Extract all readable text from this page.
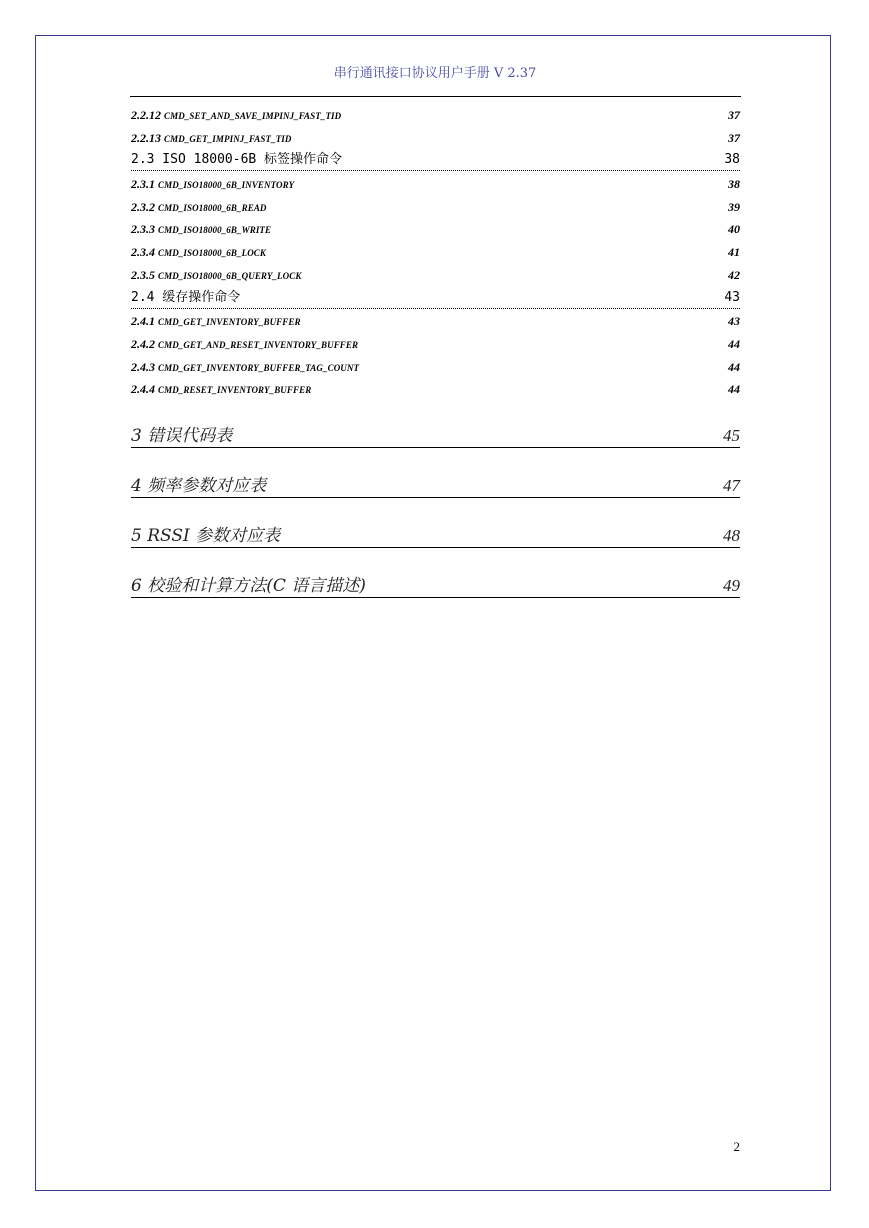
串行通讯接口协议用户手册 V 2.37
2.2.12 CMD_SET_AND_SAVE_IMPINJ_FAST_TID	37
2.2.13 CMD_GET_IMPINJ_FAST_TID	37
2.3 ISO 18000-6B 标签操作命令	38
2.3.1 CMD_ISO18000_6B_INVENTORY	38
2.3.2 CMD_ISO18000_6B_READ	39
2.3.3 CMD_ISO18000_6B_WRITE	40
2.3.4 CMD_ISO18000_6B_LOCK	41
2.3.5 CMD_ISO18000_6B_QUERY_LOCK	42
2.4 缓存操作命令	43
2.4.1 CMD_GET_INVENTORY_BUFFER	43
2.4.2 CMD_GET_AND_RESET_INVENTORY_BUFFER	44
2.4.3 CMD_GET_INVENTORY_BUFFER_TAG_COUNT	44
2.4.4 CMD_RESET_INVENTORY_BUFFER	44
3 错误代码表	45
4 频率参数对应表	47
5 RSSI 参数对应表	48
6 校验和计算方法(C 语言描述)	49
2
